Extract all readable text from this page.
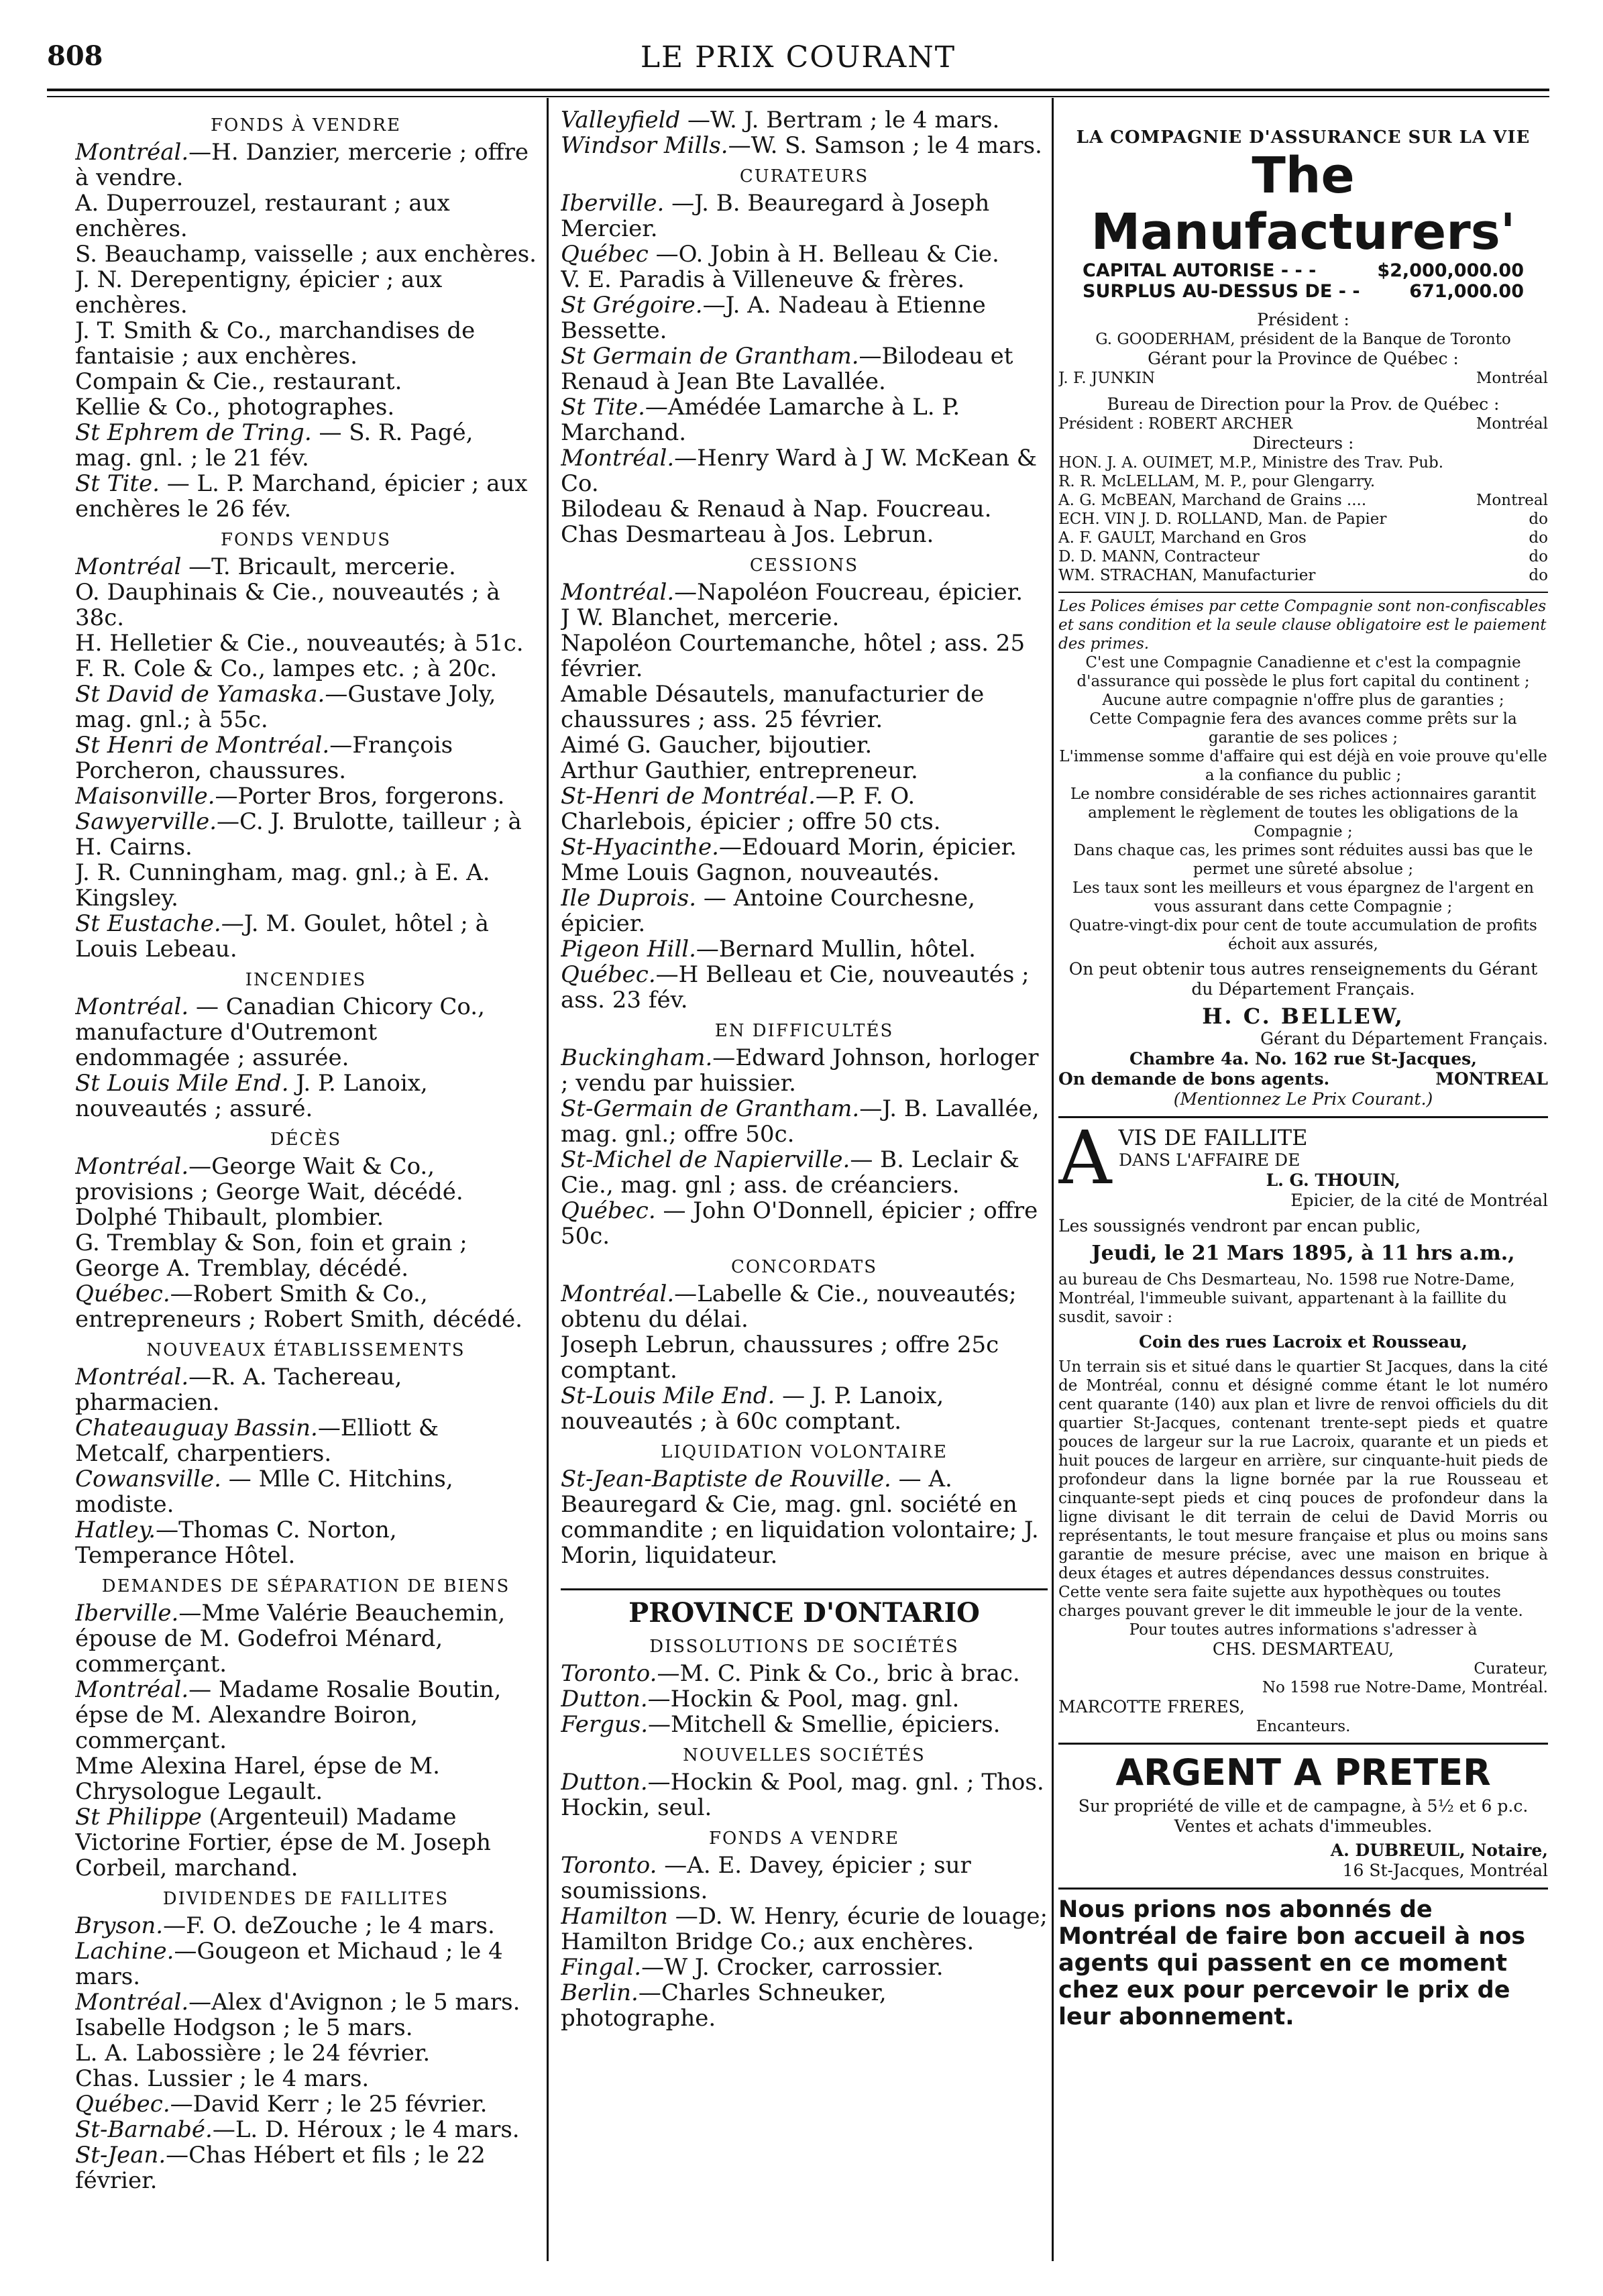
808	LE PRIX COURANT
FONDS À VENDRE

Montréal.—H. Danzier, mercerie ; offre à vendre.

A. Duperrouzel, restaurant ; aux enchères.

S. Beauchamp, vaisselle ; aux enchères.

J. N. Derepentigny, épicier ; aux enchères.

J. T. Smith & Co., marchandises de fantaisie ; aux enchères.

Compain & Cie., restaurant.

Kellie & Co., photographes.

St Ephrem de Tring. — S. R. Pagé, mag. gnl. ; le 21 fév.

St Tite. — L. P. Marchand, épicier ; aux enchères le 26 fév.

FONDS VENDUS

Montréal —T. Bricault, mercerie.

O. Dauphinais & Cie., nouveautés ; à 38c.

H. Helletier & Cie., nouveautés; à 51c.

F. R. Cole & Co., lampes etc. ; à 20c.

St David de Yamaska.—Gustave Joly, mag. gnl.; à 55c.

St Henri de Montréal.—François Porcheron, chaussures.

Maisonville.—Porter Bros, forgerons.

Sawyerville.—C. J. Brulotte, tailleur ; à H. Cairns.

J. R. Cunningham, mag. gnl.; à E. A. Kingsley.

St Eustache.—J. M. Goulet, hôtel ; à Louis Lebeau.

INCENDIES

Montréal. — Canadian Chicory Co., manufacture d'Outremont endommagée ; assurée.

St Louis Mile End. J. P. Lanoix, nouveautés ; assuré.

DÉCÈS

Montréal.—George Wait & Co., provisions ; George Wait, décédé.

Dolphé Thibault, plombier.

G. Tremblay & Son, foin et grain ; George A. Tremblay, décédé.

Québec.—Robert Smith & Co., entrepreneurs ; Robert Smith, décédé.

NOUVEAUX ÉTABLISSEMENTS

Montréal.—R. A. Tachereau, pharmacien.

Chateauguay Bassin.—Elliott & Metcalf, charpentiers.

Cowansville. — Mlle C. Hitchins, modiste.

Hatley.—Thomas C. Norton, Temperance Hôtel.

DEMANDES DE SÉPARATION DE BIENS

Iberville.—Mme Valérie Beauchemin, épouse de M. Godefroi Ménard, commerçant.

Montréal.— Madame Rosalie Boutin, épse de M. Alexandre Boiron, commerçant.

Mme Alexina Harel, épse de M. Chrysologue Legault.

St Philippe (Argenteuil) Madame Victorine Fortier, épse de M. Joseph Corbeil, marchand.

DIVIDENDES DE FAILLITES

Bryson.—F. O. deZouche ; le 4 mars.

Lachine.—Gougeon et Michaud ; le 4 mars.

Montréal.—Alex d'Avignon ; le 5 mars.

Isabelle Hodgson ; le 5 mars.

L. A. Labossière ; le 24 février.

Chas. Lussier ; le 4 mars.

Québec.—David Kerr ; le 25 février.

St-Barnabé.—L. D. Héroux ; le 4 mars.

St-Jean.—Chas Hébert et fils ; le 22 février.

Valleyfield —W. J. Bertram ; le 4 mars.

Windsor Mills.—W. S. Samson ; le 4 mars.

CURATEURS

Iberville. —J. B. Beauregard à Joseph Mercier.

Québec —O. Jobin à H. Belleau & Cie.

V. E. Paradis à Villeneuve & frères.

St Grégoire.—J. A. Nadeau à Etienne Bessette.

St Germain de Grantham.—Bilodeau et Renaud à Jean Bte Lavallée.

St Tite.—Amédée Lamarche à L. P. Marchand.

Montréal.—Henry Ward à J W. McKean & Co.

Bilodeau & Renaud à Nap. Foucreau.

Chas Desmarteau à Jos. Lebrun.

CESSIONS

Montréal.—Napoléon Foucreau, épicier.

J W. Blanchet, mercerie.

Napoléon Courtemanche, hôtel ; ass. 25 février.

Amable Désautels, manufacturier de chaussures ; ass. 25 février.

Aimé G. Gaucher, bijoutier.

Arthur Gauthier, entrepreneur.

St-Henri de Montréal.—P. F. O. Charlebois, épicier ; offre 50 cts.

St-Hyacinthe.—Edouard Morin, épicier.

Mme Louis Gagnon, nouveautés.

Ile Duprois. — Antoine Courchesne, épicier.

Pigeon Hill.—Bernard Mullin, hôtel.

Québec.—H Belleau et Cie, nouveautés ; ass. 23 fév.

EN DIFFICULTÉS

Buckingham.—Edward Johnson, horloger ; vendu par huissier.

St-Germain de Grantham.—J. B. Lavallée, mag. gnl.; offre 50c.

St-Michel de Napierville.— B. Leclair & Cie., mag. gnl ; ass. de créanciers.

Québec. — John O'Donnell, épicier ; offre 50c.

CONCORDATS

Montréal.—Labelle & Cie., nouveautés; obtenu du délai.

Joseph Lebrun, chaussures ; offre 25c comptant.

St-Louis Mile End. — J. P. Lanoix, nouveautés ; à 60c comptant.

LIQUIDATION VOLONTAIRE

St-Jean-Baptiste de Rouville. — A. Beauregard & Cie, mag. gnl. société en commandite ; en liquidation volontaire; J. Morin, liquidateur.

PROVINCE D'ONTARIO
DISSOLUTIONS DE SOCIÉTÉS

Toronto.—M. C. Pink & Co., bric à brac.

Dutton.—Hockin & Pool, mag. gnl.

Fergus.—Mitchell & Smellie, épiciers.

NOUVELLES SOCIÉTÉS

Dutton.—Hockin & Pool, mag. gnl. ; Thos. Hockin, seul.

FONDS A VENDRE

Toronto. —A. E. Davey, épicier ; sur soumissions.

Hamilton —D. W. Henry, écurie de louage; Hamilton Bridge Co.; aux enchères.

Fingal.—W J. Crocker, carrossier.

Berlin.—Charles Schneuker, photographe.

LA COMPAGNIE D'ASSURANCE SUR LA VIE
The Manufacturers'
CAPITAL AUTORISE - - -	$2,000,000.00
SURPLUS AU-DESSUS DE - -	671,000.00
Président :
G. GOODERHAM, président de la Banque de Toronto
Gérant pour la Province de Québec :
J. F. JUNKIN	Montréal
Bureau de Direction pour la Prov. de Québec :
Président : ROBERT ARCHER	Montréal
Directeurs :
HON. J. A. OUIMET, M.P., Ministre des Trav. Pub.
R. R. McLELLAM, M. P., pour Glengarry.
A. G. McBEAN, Marchand de Grains ....	Montreal
ECH. VIN J. D. ROLLAND, Man. de Papier	do
A. F. GAULT, Marchand en Gros	do
D. D. MANN, Contracteur	do
WM. STRACHAN, Manufacturier	do
Les Polices émises par cette Compagnie sont non-confiscables et sans condition et la seule clause obligatoire est le paiement des primes.
C'est une Compagnie Canadienne et c'est la compagnie d'assurance qui possède le plus fort capital du continent ;
Aucune autre compagnie n'offre plus de garanties ;
Cette Compagnie fera des avances comme prêts sur la garantie de ses polices ;
L'immense somme d'affaire qui est déjà en voie prouve qu'elle a la confiance du public ;
Le nombre considérable de ses riches actionnaires garantit amplement le règlement de toutes les obligations de la Compagnie ;
Dans chaque cas, les primes sont réduites aussi bas que le permet une sûreté absolue ;
Les taux sont les meilleurs et vous épargnez de l'argent en vous assurant dans cette Compagnie ;
Quatre-vingt-dix pour cent de toute accumulation de profits échoit aux assurés,
On peut obtenir tous autres renseignements du Gérant du Département Français.
H. C. BELLEW,
Gérant du Département Français.
Chambre 4a. No. 162 rue St-Jacques,
On demande de bons agents.	MONTREAL
(Mentionnez Le Prix Courant.)
A VIS DE FAILLITE
DANS L'AFFAIRE DE
L. G. THOUIN,
Epicier, de la cité de Montréal
Les soussignés vendront par encan public,
Jeudi, le 21 Mars 1895, à 11 hrs a.m.,
au bureau de Chs Desmarteau, No. 1598 rue Notre-Dame, Montréal, l'immeuble suivant, appartenant à la faillite du susdit, savoir :
Coin des rues Lacroix et Rousseau,
Un terrain sis et situé dans le quartier St Jacques, dans la cité de Montréal, connu et désigné comme étant le lot numéro cent quarante (140) aux plan et livre de renvoi officiels du dit quartier St-Jacques, contenant trente-sept pieds et quatre pouces de largeur sur la rue Lacroix, quarante et un pieds et huit pouces de largeur en arrière, sur cinquante-huit pieds de profondeur dans la ligne bornée par la rue Rousseau et cinquante-sept pieds et cinq pouces de profondeur dans la ligne divisant le dit terrain de celui de David Morris ou représentants, le tout mesure française et plus ou moins sans garantie de mesure précise, avec une maison en brique à deux étages et autres dépendances dessus construites.
Cette vente sera faite sujette aux hypothèques ou toutes charges pouvant grever le dit immeuble le jour de la vente.
Pour toutes autres informations s'adresser à
CHS. DESMARTEAU,
Curateur,
No 1598 rue Notre-Dame, Montréal.
MARCOTTE FRERES,
Encanteurs.
ARGENT A PRETER
Sur propriété de ville et de campagne, à 5½ et 6 p.c.
Ventes et achats d'immeubles.
A. DUBREUIL, Notaire,
16 St-Jacques, Montréal
Nous prions nos abonnés de Montréal de faire bon accueil à nos agents qui passent en ce moment chez eux pour percevoir le prix de leur abonnement.
